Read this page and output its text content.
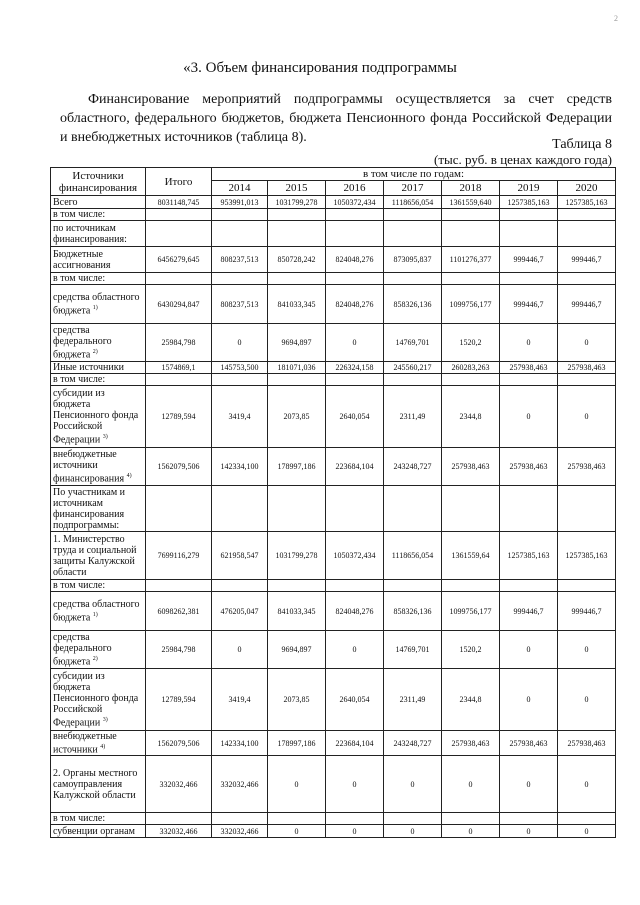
2
«3. Объем финансирования подпрограммы
Финансирование мероприятий подпрограммы осуществляется за счет средств областного, федерального бюджетов, бюджета Пенсионного фонда Российской Федерации и внебюджетных источников (таблица 8).	Таблица 8
(тыс. руб. в ценах каждого года)
Источники финансирования	Итого	в том числе по годам:						
		2014	2015	2016	2017	2018	2019	2020
Всего	8031148,745	953991,013	1031799,278	1050372,434	1118656,054	1361559,640	1257385,163	1257385,163
в том числе:								
по источникам финансирования:								
Бюджетные ассигнования	6456279,645	808237,513	850728,242	824048,276	873095,837	1101276,377	999446,7	999446,7
в том числе:								
средства областного бюджета $^{1)}$	6430294,847	808237,513	841033,345	824048,276	858326,136	1099756,177	999446,7	999446,7
средства федерального бюджета $^{2)}$	25984,798	0	9694,897	0	14769,701	1520,2	0	0
Иные источники	1574869,1	145753,500	181071,036	226324,158	245560,217	260283,263	257938,463	257938,463
в том числе:								
субсидии из бюджета Пенсионного фонда Российской Федерации $^{3)}$	12789,594	3419,4	2073,85	2640,054	2311,49	2344,8	0	0
внебюджетные источники финансирования $^{4)}$	1562079,506	142334,100	178997,186	223684,104	243248,727	257938,463	257938,463	257938,463
По участникам и источникам финансирования подпрограммы:								
1. Министерство труда и социальной защиты Калужской области	7699116,279	621958,547	1031799,278	1050372,434	1118656,054	1361559,64	1257385,163	1257385,163
в том числе:								
средства областного бюджета $^{1)}$	6098262,381	476205,047	841033,345	824048,276	858326,136	1099756,177	999446,7	999446,7
средства федерального бюджета $^{2)}$	25984,798	0	9694,897	0	14769,701	1520,2	0	0
субсидии из бюджета Пенсионного фонда Российской Федерации $^{3)}$	12789,594	3419,4	2073,85	2640,054	2311,49	2344,8	0	0
внебюджетные источники $^{4)}$	1562079,506	142334,100	178997,186	223684,104	243248,727	257938,463	257938,463	257938,463
2. Органы местного самоуправления Калужской области	332032,466	332032,466	0	0	0	0	0	0
в том числе:								
субвенции органам	332032,466	332032,466	0	0	0	0	0	0
